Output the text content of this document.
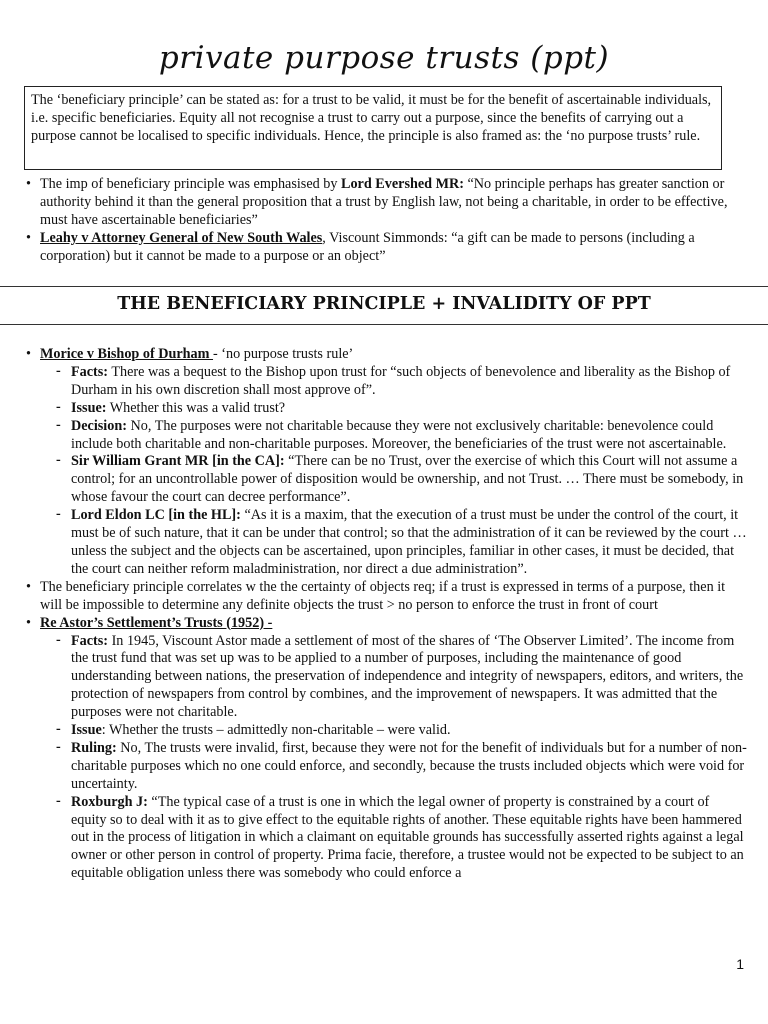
private purpose trusts (ppt)

The ‘beneficiary principle’ can be stated as: for a trust to be valid, it must be for the benefit of ascertainable individuals, i.e. specific beneficiaries. Equity all not recognise a trust to carry out a purpose, since the benefits of carrying out a purpose cannot be localised to specific individuals. Hence, the principle is also framed as: the ‘no purpose trusts’ rule.

• The imp of beneficiary principle was emphasised by Lord Evershed MR: “No principle perhaps has greater sanction or authority behind it than the general proposition that a trust by English law, not being a charitable, in order to be effective, must have ascertainable beneficiaries”
• Leahy v Attorney General of New South Wales, Viscount Simmonds: “a gift can be made to persons (including a corporation) but it cannot be made to a purpose or an object”
THE BENEFICIARY PRINCIPLE + INVALIDITY OF PPT
• Morice v Bishop of Durham - ‘no purpose trusts rule’
- Facts: There was a bequest to the Bishop upon trust for “such objects of benevolence and liberality as the Bishop of Durham in his own discretion shall most approve of”.
- Issue: Whether this was a valid trust?
- Decision: No, The purposes were not charitable because they were not exclusively charitable: benevolence could include both charitable and non-charitable purposes. Moreover, the beneficiaries of the trust were not ascertainable.
- Sir William Grant MR [in the CA]: “There can be no Trust, over the exercise of which this Court will not assume a control; for an uncontrollable power of disposition would be ownership, and not Trust. … There must be somebody, in whose favour the court can decree performance”.
- Lord Eldon LC [in the HL]: “As it is a maxim, that the execution of a trust must be under the control of the court, it must be of such nature, that it can be under that control; so that the administration of it can be reviewed by the court … unless the subject and the objects can be ascertained, upon principles, familiar in other cases, it must be decided, that the court can neither reform maladministration, nor direct a due administration”.
• The beneficiary principle correlates w the the certainty of objects req; if a trust is expressed in terms of a purpose, then it will be impossible to determine any definite objects the trust > no person to enforce the trust in front of court
• Re Astor’s Settlement’s Trusts (1952) -
- Facts: In 1945, Viscount Astor made a settlement of most of the shares of ‘The Observer Limited’. The income from the trust fund that was set up was to be applied to a number of purposes, including the maintenance of good understanding between nations, the preservation of independence and integrity of newspapers, editors, and writers, the protection of newspapers from control by combines, and the improvement of newspapers. It was admitted that the purposes were not charitable.
- Issue: Whether the trusts – admittedly non-charitable – were valid.
- Ruling: No, The trusts were invalid, first, because they were not for the benefit of individuals but for a number of non-charitable purposes which no one could enforce, and secondly, because the trusts included objects which were void for uncertainty.
- Roxburgh J: “The typical case of a trust is one in which the legal owner of property is constrained by a court of equity so to deal with it as to give effect to the equitable rights of another. These equitable rights have been hammered out in the process of litigation in which a claimant on equitable grounds has successfully asserted rights against a legal owner or other person in control of property. Prima facie, therefore, a trustee would not be expected to be subject to an equitable obligation unless there was somebody who could enforce a
1
